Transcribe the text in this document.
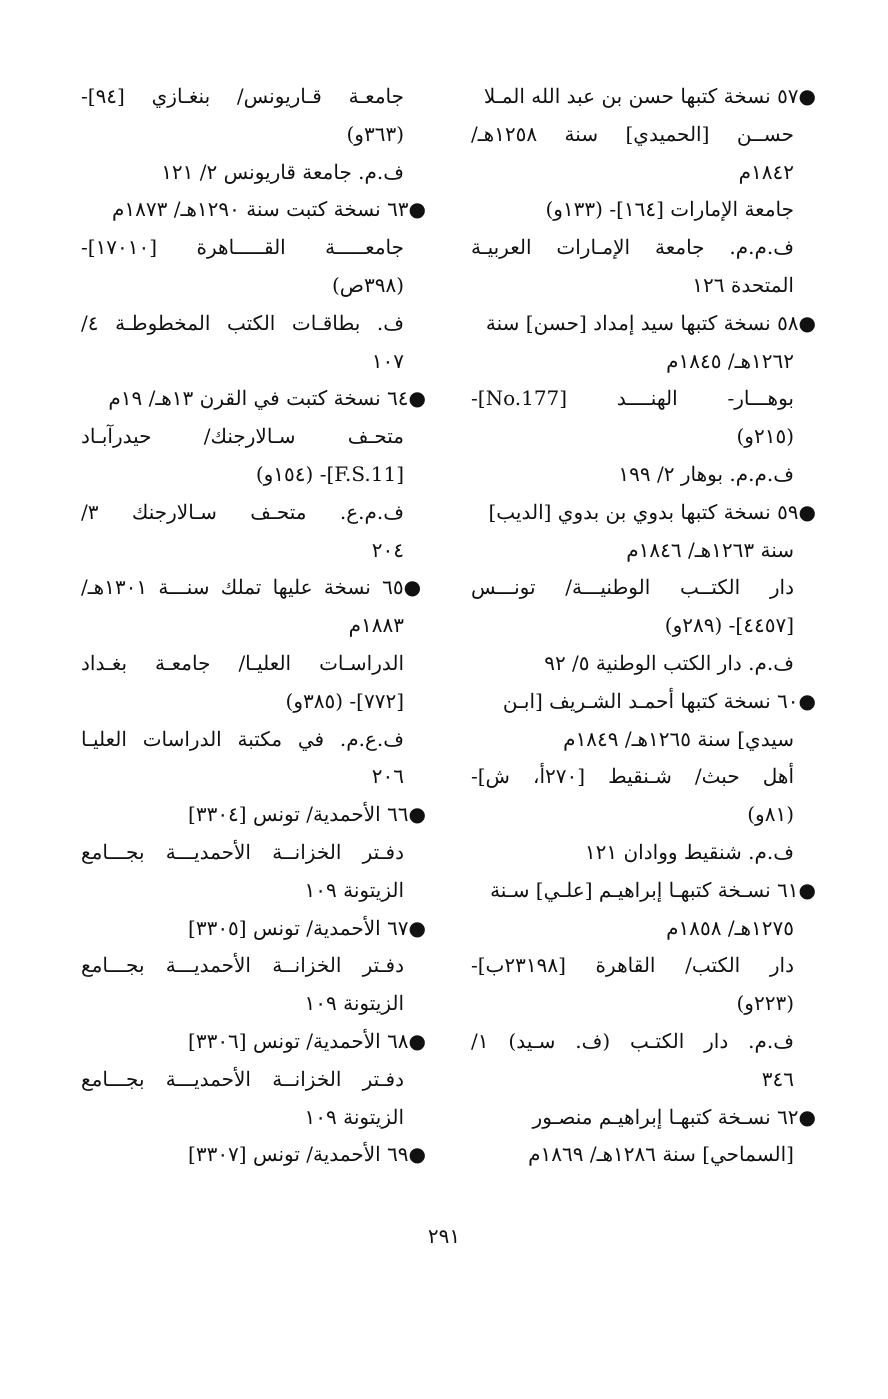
●٥٧ نسخة كتبها حسن بن عبد الله المـلا
حســن [الحميدي] سنة ١٢٥٨هـ/
١٨٤٢م
جامعة الإمارات [١٦٤]- (١٣٣و)
ف.م.م. جامعة الإمـارات العربيـة
المتحدة ١٢٦
●٥٨ نسخة كتبها سيد إمداد [حسن] سنة
١٢٦٢هـ/ ١٨٤٥م
بوهـــار- الهنــــد [No.177]-
(٢١٥و)
ف.م.م. بوهار ٢/ ١٩٩
●٥٩ نسخة كتبها بدوي بن بدوي [الديب]
سنة ١٢٦٣هـ/ ١٨٤٦م
دار الكتــب الوطنيـــة/ تونـــس
[٤٤٥٧]- (٢٨٩و)
ف.م. دار الكتب الوطنية ٥/ ٩٢
●٦٠ نسخة كتبها أحمـد الشـريف [ابـن
سيدي] سنة ١٢٦٥هـ/ ١٨٤٩م
أهل حبث/ شـنقيط [٢٧٠أ، ش]-
(٨١و)
ف.م. شنقيط ووادان ١٢١
●٦١ نسـخة كتبهـا إبراهيـم [علـي] سـنة
١٢٧٥هـ/ ١٨٥٨م
دار الكتب/ القاهرة [٢٣١٩٨ب]-
(٢٢٣و)
ف.م. دار الكتـب (ف. سـيد) ١/
٣٤٦
●٦٢ نسـخة كتبهـا إبراهيـم منصـور
[السماحي] سنة ١٢٨٦هـ/ ١٨٦٩م
جامعـة قـاريونس/ بنغـازي [٩٤]-
(٣٦٣و)
ف.م. جامعة قاريونس ٢/ ١٢١
●٦٣ نسخة كتبت سنة ١٢٩٠هـ/ ١٨٧٣م
جامعـــــة القـــــاهرة [١٧٠١٠]-
(٣٩٨ص)
ف. بطاقـات الكتب المخطوطـة ٤/
١٠٧
●٦٤ نسخة كتبت في القرن ١٣هـ/ ١٩م
متحـف سـالارجنك/ حيدرآبـاد
[F.S.11]- (١٥٤و)
ف.م.ع. متحـف سـالارجنك ٣/
٢٠٤
●٦٥ نسخة عليها تملك سنـــة ١٣٠١هـ/
١٨٨٣م
الدراسـات العليـا/ جامعـة بغـداد
[٧٧٢]- (٣٨٥و)
ف.ع.م. في مكتبة الدراسات العليـا
٢٠٦
●٦٦ الأحمدية/ تونس [٣٣٠٤]
دفـتر الخزانــة الأحمديـــة بجـــامع
الزيتونة ١٠٩
●٦٧ الأحمدية/ تونس [٣٣٠٥]
دفـتر الخزانــة الأحمديـــة بجـــامع
الزيتونة ١٠٩
●٦٨ الأحمدية/ تونس [٣٣٠٦]
دفـتر الخزانــة الأحمديـــة بجـــامع
الزيتونة ١٠٩
●٦٩ الأحمدية/ تونس [٣٣٠٧]
٢٩١
